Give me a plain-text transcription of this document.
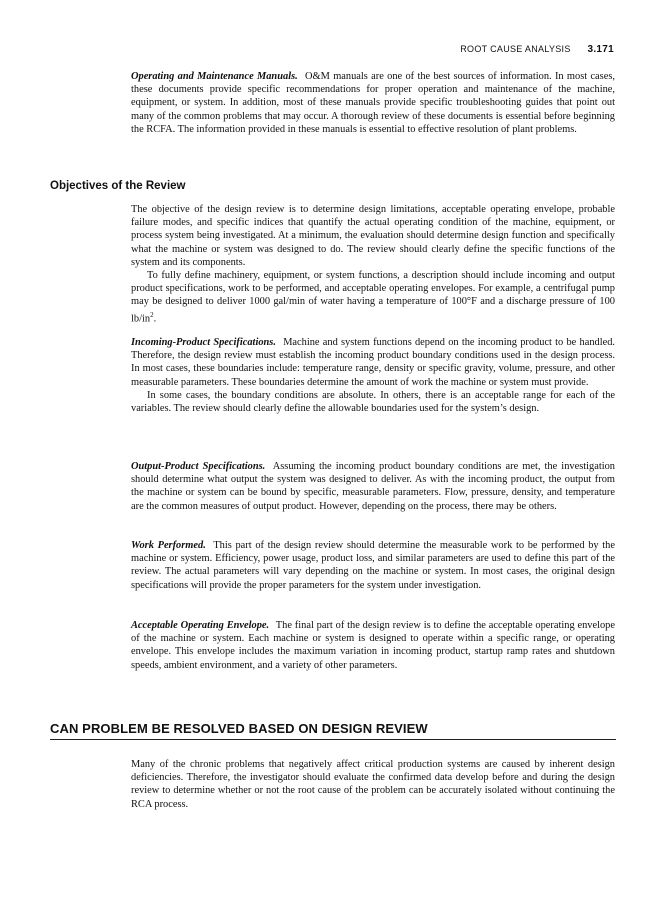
ROOT CAUSE ANALYSIS 3.171

Operating and Maintenance Manuals. O&M manuals are one of the best sources of information. In most cases, these documents provide specific recommendations for proper operation and maintenance of the machine, equipment, or system. In addition, most of these manuals provide specific troubleshooting guides that point out many of the common problems that may occur. A thorough review of these documents is essential before beginning the RCFA. The information provided in these manuals is essential to effective resolution of plant problems.

Objectives of the Review

The objective of the design review is to determine design limitations, acceptable operating envelope, probable failure modes, and specific indices that quantify the actual operating condition of the machine, equipment, or process system being investigated. At a minimum, the evaluation should determine design function and specifically what the machine or system was designed to do. The review should clearly define the specific functions of the system and its components.

To fully define machinery, equipment, or system functions, a description should include incoming and output product specifications, work to be performed, and acceptable operating envelopes. For example, a centrifugal pump may be designed to deliver 1000 gal/min of water having a temperature of 100°F and a discharge pressure of 100 $lb/in^2$.

Incoming-Product Specifications. Machine and system functions depend on the incoming product to be handled. Therefore, the design review must establish the incoming product boundary conditions used in the design process. In most cases, these boundaries include: temperature range, density or specific gravity, volume, pressure, and other measurable parameters. These boundaries determine the amount of work the machine or system must provide.

In some cases, the boundary conditions are absolute. In others, there is an acceptable range for each of the variables. The review should clearly define the allowable boundaries used for the system’s design.

Output-Product Specifications. Assuming the incoming product boundary conditions are met, the investigation should determine what output the system was designed to deliver. As with the incoming product, the output from the machine or system can be bound by specific, measurable parameters. Flow, pressure, density, and temperature are the common measures of output product. However, depending on the process, there may be others.

Work Performed. This part of the design review should determine the measurable work to be performed by the machine or system. Efficiency, power usage, product loss, and similar parameters are used to define this part of the review. The actual parameters will vary depending on the machine or system. In most cases, the original design specifications will provide the proper parameters for the system under investigation.

Acceptable Operating Envelope. The final part of the design review is to define the acceptable operating envelope of the machine or system. Each machine or system is designed to operate within a specific range, or operating envelope. This envelope includes the maximum variation in incoming product, startup ramp rates and shutdown speeds, ambient environment, and a variety of other parameters.

CAN PROBLEM BE RESOLVED BASED ON DESIGN REVIEW

Many of the chronic problems that negatively affect critical production systems are caused by inherent design deficiencies. Therefore, the investigator should evaluate the confirmed data develop before and during the design review to determine whether or not the root cause of the problem can be accurately isolated without continuing the RCA process.
